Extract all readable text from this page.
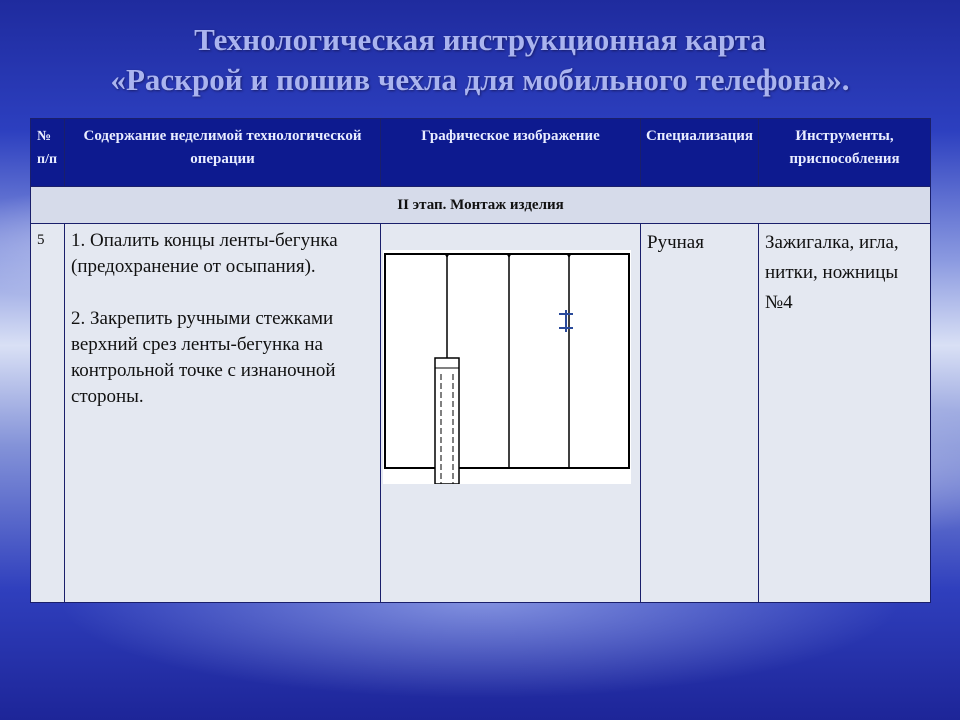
Технологическая инструкционная карта
«Раскрой и пошив чехла для мобильного телефона».
№ п/п	Содержание неделимой технологической операции	Графическое изображение	Специализация	Инструменты, приспособления
II этап. Монтаж изделия				
5	1. Опалить концы ленты-бегунка (предохранение от осыпания).

2. Закрепить ручными стежками верхний срез ленты-бегунка на контрольной точке с изнаночной стороны.		Ручная	Зажигалка, игла, нитки, ножницы №4
